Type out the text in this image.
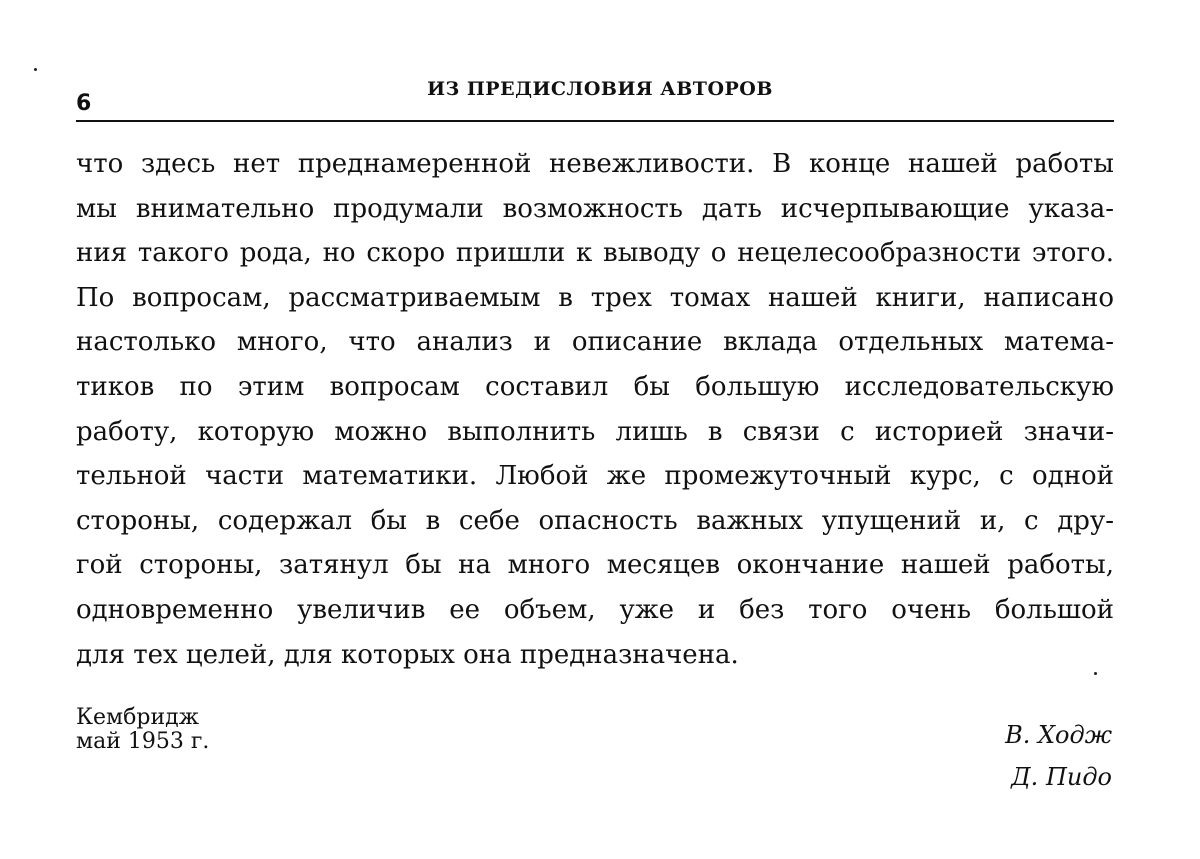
6
ИЗ ПРЕДИСЛОВИЯ АВТОРОВ
что здесь нет преднамеренной невежливости. В конце нашей работы
мы внимательно продумали возможность дать исчерпывающие указа-
ния такого рода, но скоро пришли к выводу о нецелесообразности этого.
По вопросам, рассматриваемым в трех томах нашей книги, написано
настолько много, что анализ и описание вклада отдельных матема-
тиков по этим вопросам составил бы большую исследовательскую
работу, которую можно выполнить лишь в связи с историей значи-
тельной части математики. Любой же промежуточный курс, с одной
стороны, содержал бы в себе опасность важных упущений и, с дру-
гой стороны, затянул бы на много месяцев окончание нашей работы,
одновременно увеличив ее объем, уже и без того очень большой
для тех целей, для которых она предназначена.
Кембридж
май 1953 г.	В. Ходж
Д. Пидо
